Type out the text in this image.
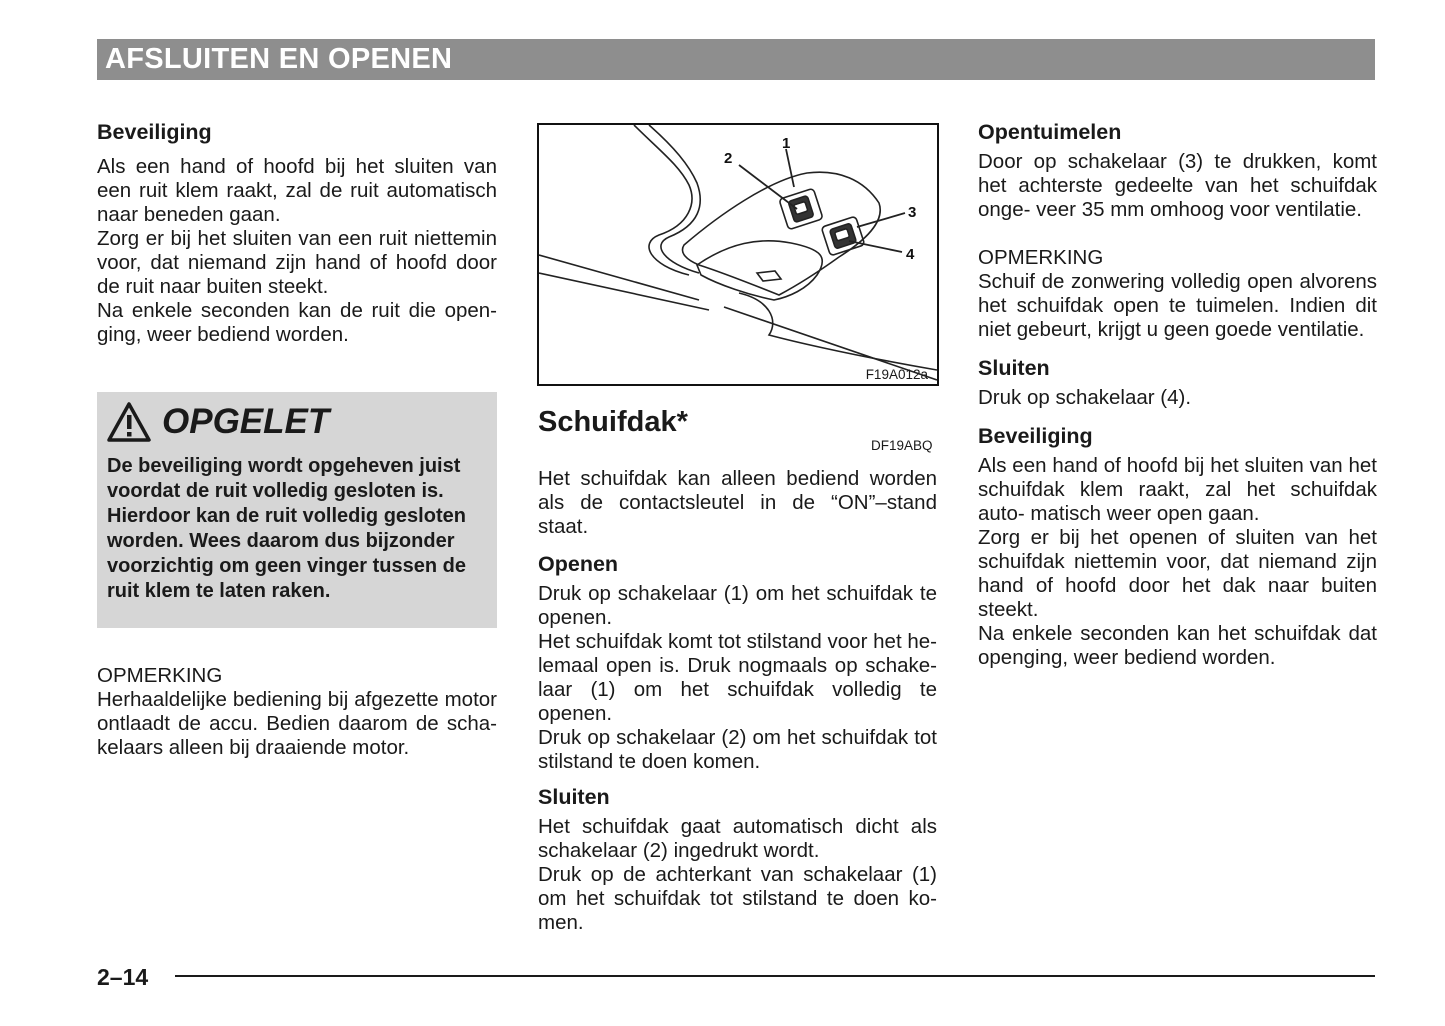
AFSLUITEN EN OPENEN
Beveiliging

Als een hand of hoofd bij het sluiten van een ruit klem raakt, zal de ruit automatisch naar beneden gaan.

Zorg er bij het sluiten van een ruit niettemin voor, dat niemand zijn hand of hoofd door de ruit naar buiten steekt.

Na enkele seconden kan de ruit die open- ging, weer bediend worden.

OPGELET
De beveiliging wordt opgeheven juist
voordat de ruit volledig gesloten is.
Hierdoor kan de ruit volledig gesloten
worden. Wees daarom dus bijzonder
voorzichtig om geen vinger tussen de
ruit klem te laten raken.
OPMERKING

Herhaaldelijke bediening bij afgezette motor ontlaadt de accu. Bedien daarom de scha- kelaars alleen bij draaiende motor.

1
2
3
4
F19A012a
Schuifdak*
DF19ABQ

Het schuifdak kan alleen bediend worden als de contactsleutel in de “ON”–stand staat.

Openen

Druk op schakelaar (1) om het schuifdak te openen.

Het schuifdak komt tot stilstand voor het he- lemaal open is. Druk nogmaals op schake- laar (1) om het schuifdak volledig te openen.

Druk op schakelaar (2) om het schuifdak tot stilstand te doen komen.

Sluiten

Het schuifdak gaat automatisch dicht als schakelaar (2) ingedrukt wordt.

Druk op de achterkant van schakelaar (1) om het schuifdak tot stilstand te doen ko- men.

Opentuimelen

Door op schakelaar (3) te drukken, komt het achterste gedeelte van het schuifdak onge- veer 35 mm omhoog voor ventilatie.

OPMERKING

Schuif de zonwering volledig open alvorens het schuifdak open te tuimelen. Indien dit niet gebeurt, krijgt u geen goede ventilatie.

Sluiten

Druk op schakelaar (4).

Beveiliging

Als een hand of hoofd bij het sluiten van het schuifdak klem raakt, zal het schuifdak auto- matisch weer open gaan.

Zorg er bij het openen of sluiten van het schuifdak niettemin voor, dat niemand zijn hand of hoofd door het dak naar buiten steekt.

Na enkele seconden kan het schuifdak dat openging, weer bediend worden.

2–14
